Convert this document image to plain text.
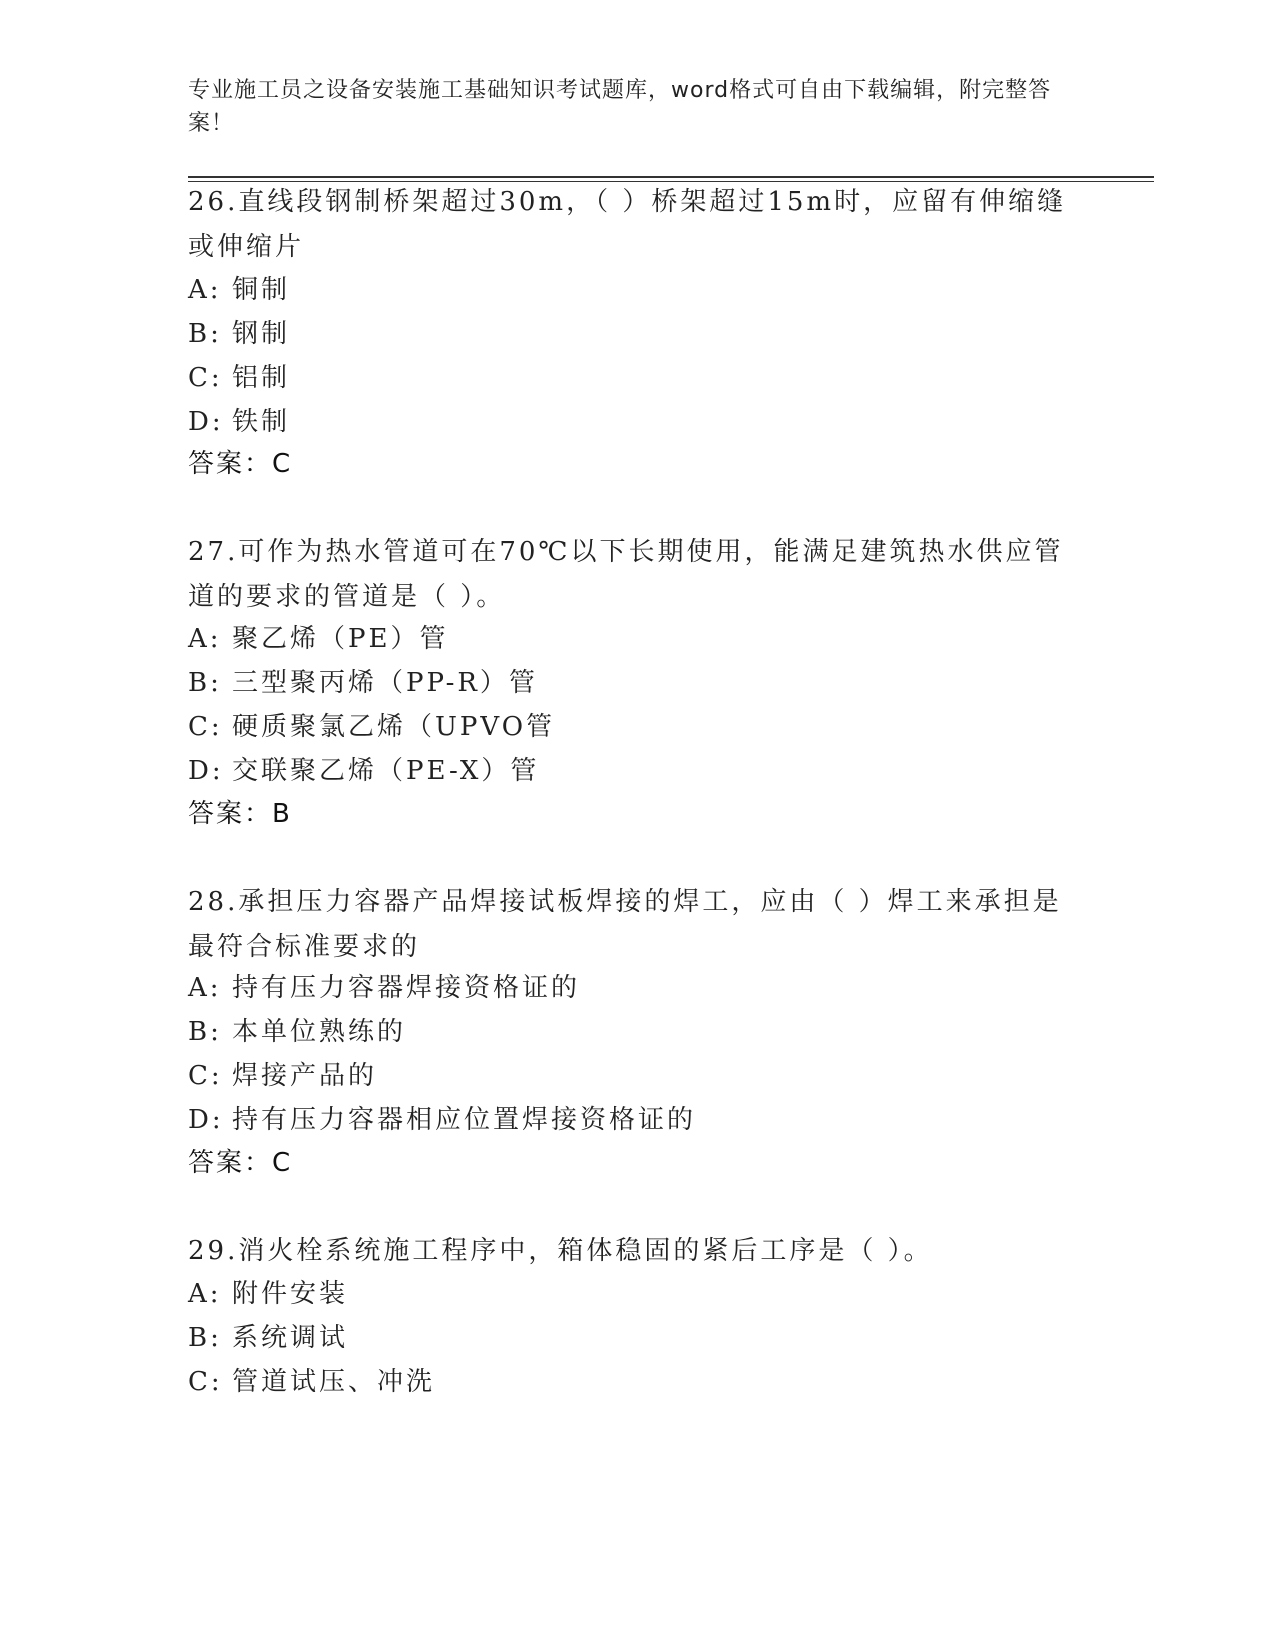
专业施工员之设备安装施工基础知识考试题库，word格式可自由下载编辑，附完整答案！
26.直线段钢制桥架超过30m，（ ）桥架超过15m时，应留有伸缩缝或伸缩片
A: 铜制
B: 钢制
C: 铝制
D: 铁制
答案：C
27.可作为热水管道可在70℃以下长期使用，能满足建筑热水供应管道的要求的管道是（ ）。
A: 聚乙烯（PE）管
B: 三型聚丙烯（PP-R）管
C: 硬质聚氯乙烯（UPVO管
D: 交联聚乙烯（PE-X）管
答案：B
28.承担压力容器产品焊接试板焊接的焊工，应由（ ）焊工来承担是最符合标准要求的
A: 持有压力容器焊接资格证的
B: 本单位熟练的
C: 焊接产品的
D: 持有压力容器相应位置焊接资格证的
答案：C
29.消火栓系统施工程序中，箱体稳固的紧后工序是（ ）。
A: 附件安装
B: 系统调试
C: 管道试压、冲洗
